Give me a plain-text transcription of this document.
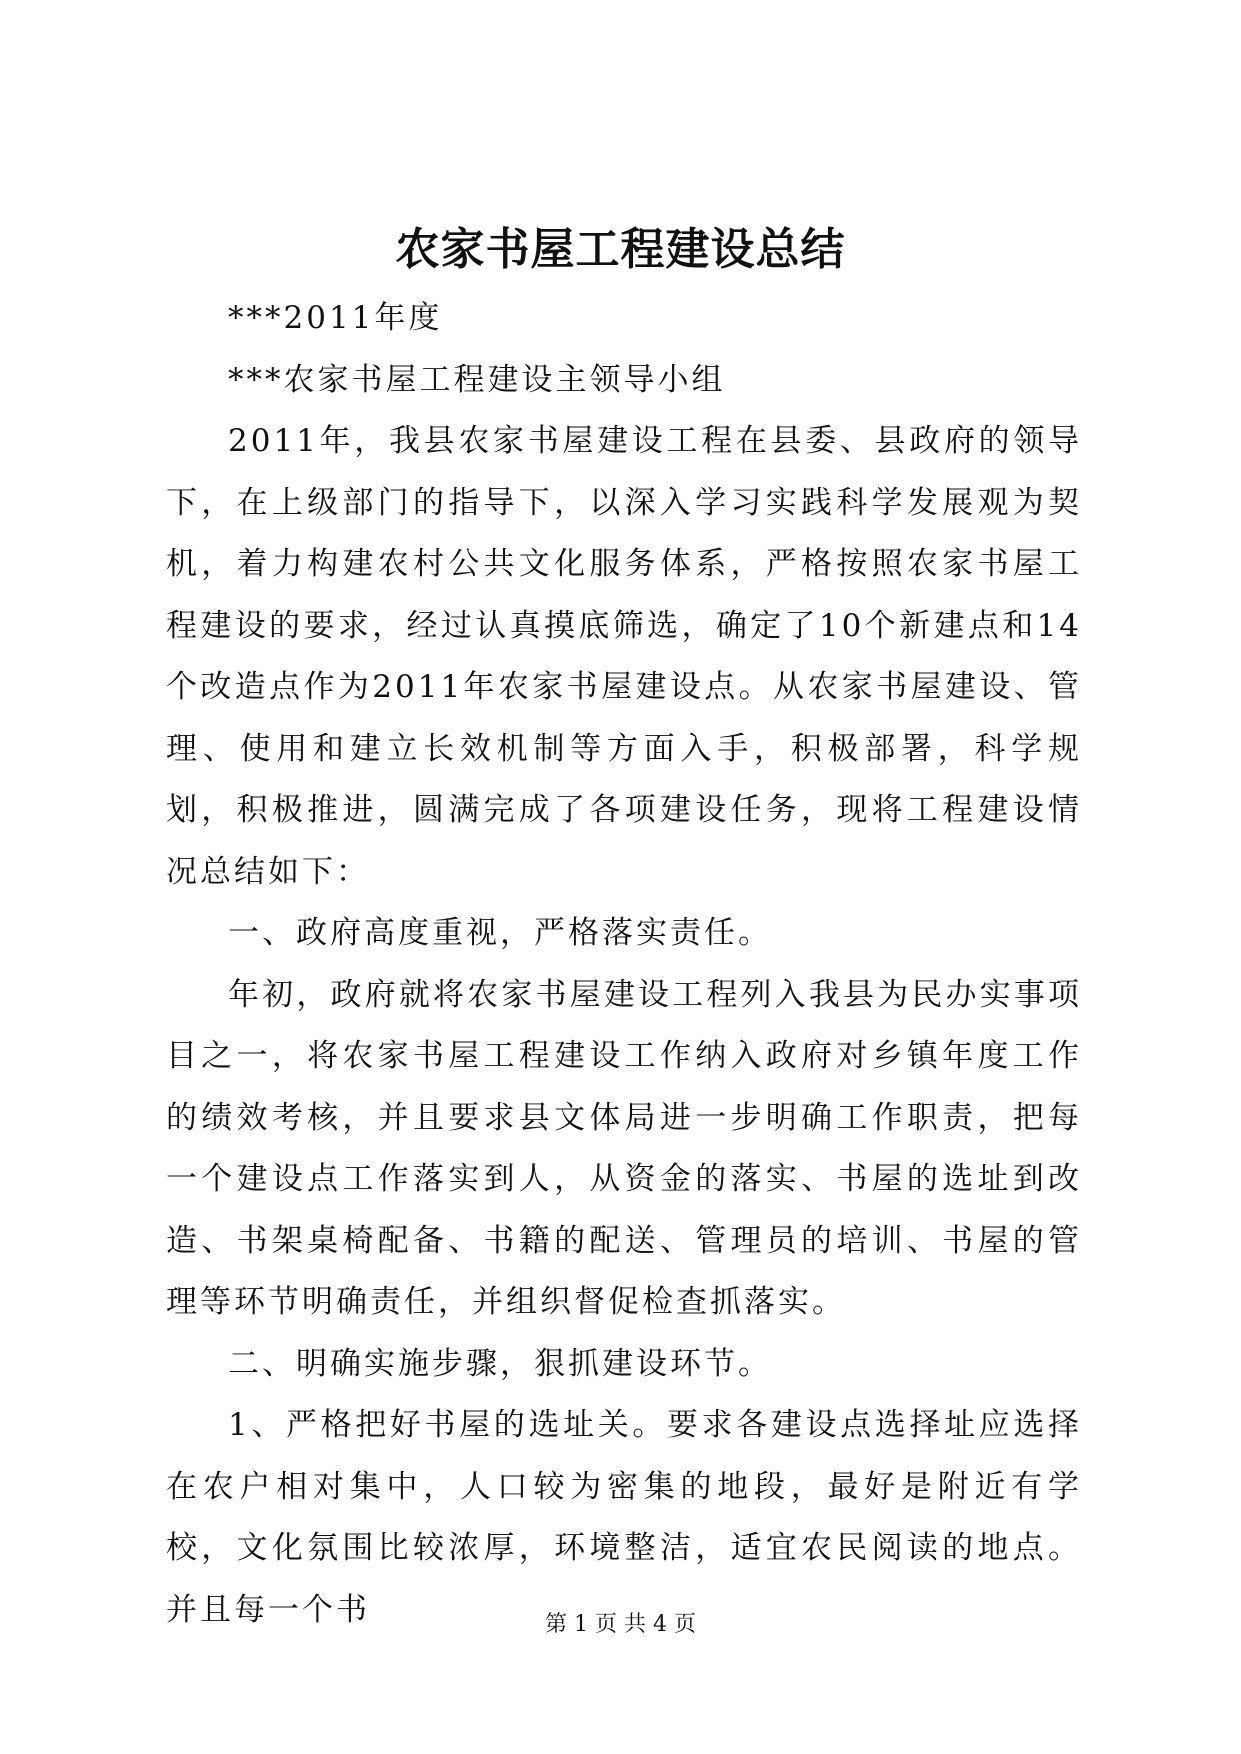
农家书屋工程建设总结

***2011年度

***农家书屋工程建设主领导小组

2011年，我县农家书屋建设工程在县委、县政府的领导下，在上级部门的指导下，以深入学习实践科学发展观为契机，着力构建农村公共文化服务体系，严格按照农家书屋工程建设的要求，经过认真摸底筛选，确定了10个新建点和14个改造点作为2011年农家书屋建设点。从农家书屋建设、管理、使用和建立长效机制等方面入手，积极部署，科学规划，积极推进，圆满完成了各项建设任务，现将工程建设情况总结如下：

一、政府高度重视，严格落实责任。

年初，政府就将农家书屋建设工程列入我县为民办实事项目之一，将农家书屋工程建设工作纳入政府对乡镇年度工作的绩效考核，并且要求县文体局进一步明确工作职责，把每一个建设点工作落实到人，从资金的落实、书屋的选址到改造、书架桌椅配备、书籍的配送、管理员的培训、书屋的管理等环节明确责任，并组织督促检查抓落实。

二、明确实施步骤，狠抓建设环节。

1、严格把好书屋的选址关。要求各建设点选择址应选择在农户相对集中，人口较为密集的地段，最好是附近有学校，文化氛围比较浓厚，环境整洁，适宜农民阅读的地点。并且每一个书	第 1 页 共 4 页
